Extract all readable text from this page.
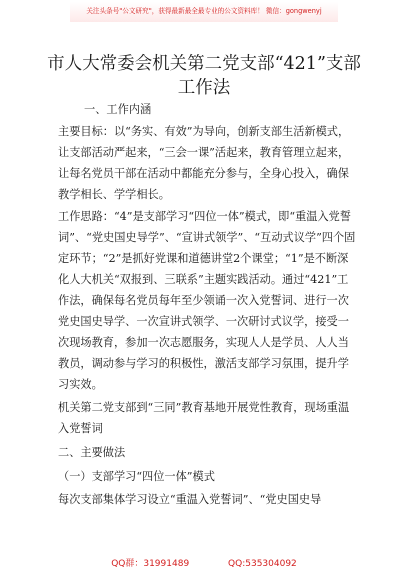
关注头条号"公文研究"，获得最新最全最专业的公文资料库！ 微信：gongwenyj
市人大常委会机关第二党支部“421”支部
工作法

一、工作内涵

主要目标：以“务实、有效”为导向，创新支部生活新模式，让支部活动严起来，“三会一课”活起来，教育管理立起来，让每名党员干部在活动中都能充分参与，全身心投入，确保教学相长、学学相长。

工作思路：“4”是支部学习“四位一体”模式，即“重温入党誓词”、“党史国史导学”、“宣讲式领学”、“互动式议学”四个固定环节；“2”是抓好党课和道德讲堂2个课堂；“1”是不断深化人大机关“双报到、三联系”主题实践活动。通过“421”工作法，确保每名党员每年至少领诵一次入党誓词、进行一次党史国史导学、一次宣讲式领学、一次研讨式议学，接受一次现场教育，参加一次志愿服务，实现人人是学员、人人当教员，调动参与学习的积极性，激活支部学习氛围，提升学习实效。

机关第二党支部到“三同”教育基地开展党性教育，现场重温入党誓词

二、主要做法

（一）支部学习“四位一体”模式

每次支部集体学习设立“重温入党誓词”、“党史国史导

QQ群：31991489	QQ:535304092
